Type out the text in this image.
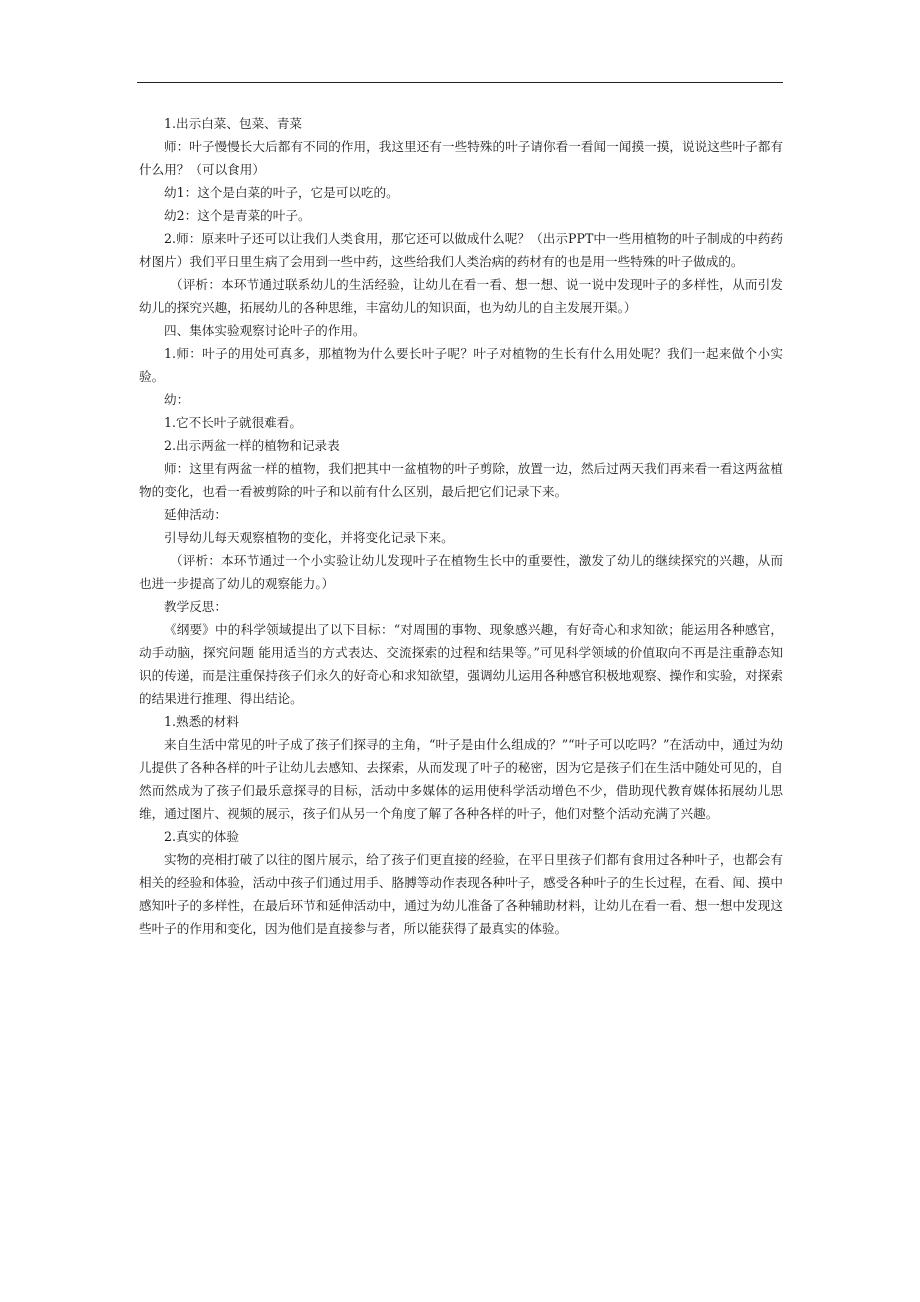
1.出示白菜、包菜、青菜

师：叶子慢慢长大后都有不同的作用，我这里还有一些特殊的叶子请你看一看闻一闻摸一摸，说说这些叶子都有什么用？（可以食用）

幼1：这个是白菜的叶子，它是可以吃的。

幼2：这个是青菜的叶子。

2.师：原来叶子还可以让我们人类食用，那它还可以做成什么呢？（出示PPT中一些用植物的叶子制成的中药药材图片）我们平日里生病了会用到一些中药，这些给我们人类治病的药材有的也是用一些特殊的叶子做成的。

（评析：本环节通过联系幼儿的生活经验，让幼儿在看一看、想一想、说一说中发现叶子的多样性，从而引发幼儿的探究兴趣，拓展幼儿的各种思维，丰富幼儿的知识面，也为幼儿的自主发展开渠。）

四、集体实验观察讨论叶子的作用。

1.师：叶子的用处可真多，那植物为什么要长叶子呢？叶子对植物的生长有什么用处呢？我们一起来做个小实验。

幼：

1.它不长叶子就很难看。

2.出示两盆一样的植物和记录表

师：这里有两盆一样的植物，我们把其中一盆植物的叶子剪除，放置一边，然后过两天我们再来看一看这两盆植物的变化，也看一看被剪除的叶子和以前有什么区别，最后把它们记录下来。

延伸活动：

引导幼儿每天观察植物的变化，并将变化记录下来。

（评析：本环节通过一个小实验让幼儿发现叶子在植物生长中的重要性，激发了幼儿的继续探究的兴趣，从而也进一步提高了幼儿的观察能力。）

教学反思：

《纲要》中的科学领域提出了以下目标：“对周围的事物、现象感兴趣，有好奇心和求知欲；能运用各种感官，动手动脑，探究问题 能用适当的方式表达、交流探索的过程和结果等。”可见科学领域的价值取向不再是注重静态知识的传递，而是注重保持孩子们永久的好奇心和求知欲望，强调幼儿运用各种感官积极地观察、操作和实验，对探索的结果进行推理、得出结论。

1.熟悉的材料

来自生活中常见的叶子成了孩子们探寻的主角，“叶子是由什么组成的？”“叶子可以吃吗？”在活动中，通过为幼儿提供了各种各样的叶子让幼儿去感知、去探索，从而发现了叶子的秘密，因为它是孩子们在生活中随处可见的，自然而然成为了孩子们最乐意探寻的目标，活动中多媒体的运用使科学活动增色不少，借助现代教育媒体拓展幼儿思维，通过图片、视频的展示，孩子们从另一个角度了解了各种各样的叶子，他们对整个活动充满了兴趣。

2.真实的体验

实物的亮相打破了以往的图片展示，给了孩子们更直接的经验，在平日里孩子们都有食用过各种叶子，也都会有相关的经验和体验，活动中孩子们通过用手、胳膊等动作表现各种叶子，感受各种叶子的生长过程，在看、闻、摸中感知叶子的多样性，在最后环节和延伸活动中，通过为幼儿准备了各种辅助材料，让幼儿在看一看、想一想中发现这些叶子的作用和变化，因为他们是直接参与者，所以能获得了最真实的体验。
